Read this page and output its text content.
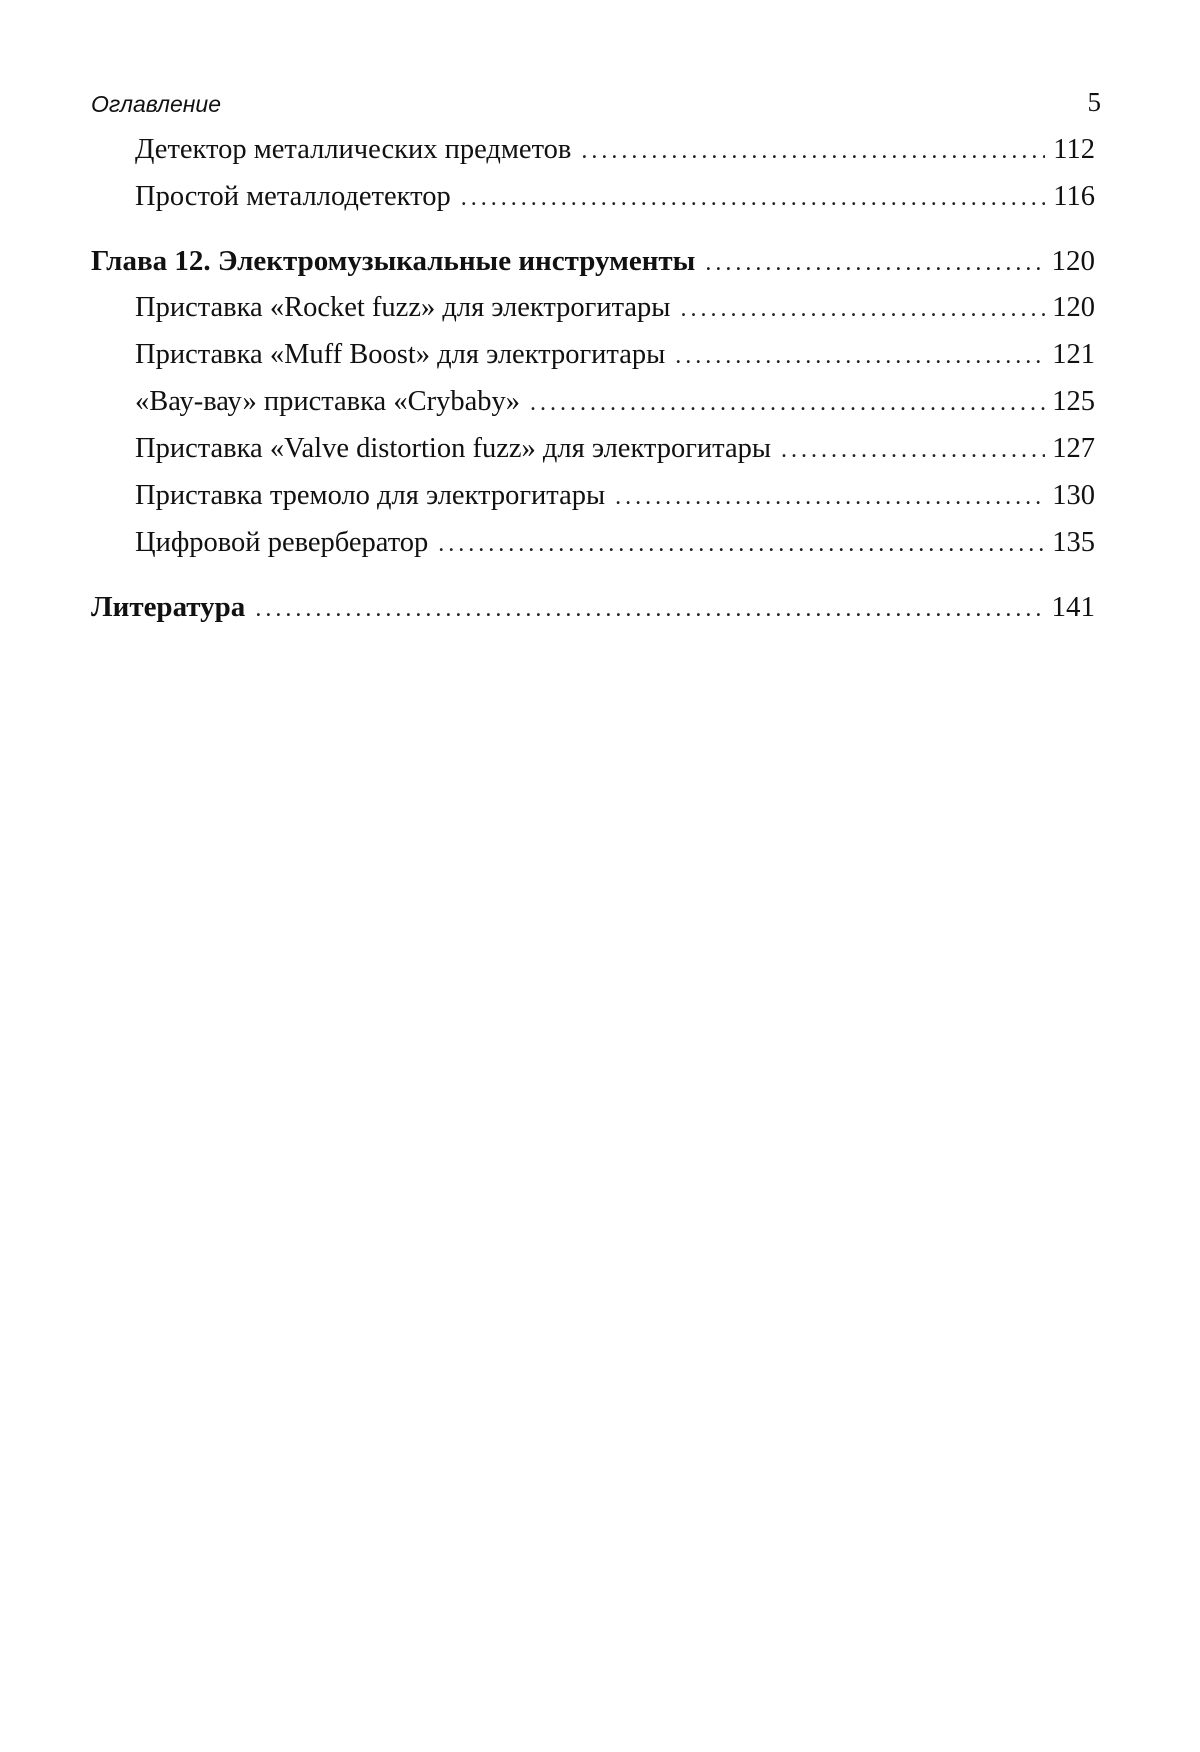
Оглавление	5
Детектор металлических предметов . . .	112
Простой металлодетектор . . .	116
Глава 12. Электромузыкальные инструменты . . .	120
Приставка «Rocket fuzz» для электрогитары . . .	120
Приставка «Muff Boost» для электрогитары . . .	121
«Вау-вау» приставка «Crybaby» . . .	125
Приставка «Valve distortion fuzz» для электрогитары . . .	127
Приставка тремоло для электрогитары . . .	130
Цифровой ревербератор . . .	135
Литература . . .	141
